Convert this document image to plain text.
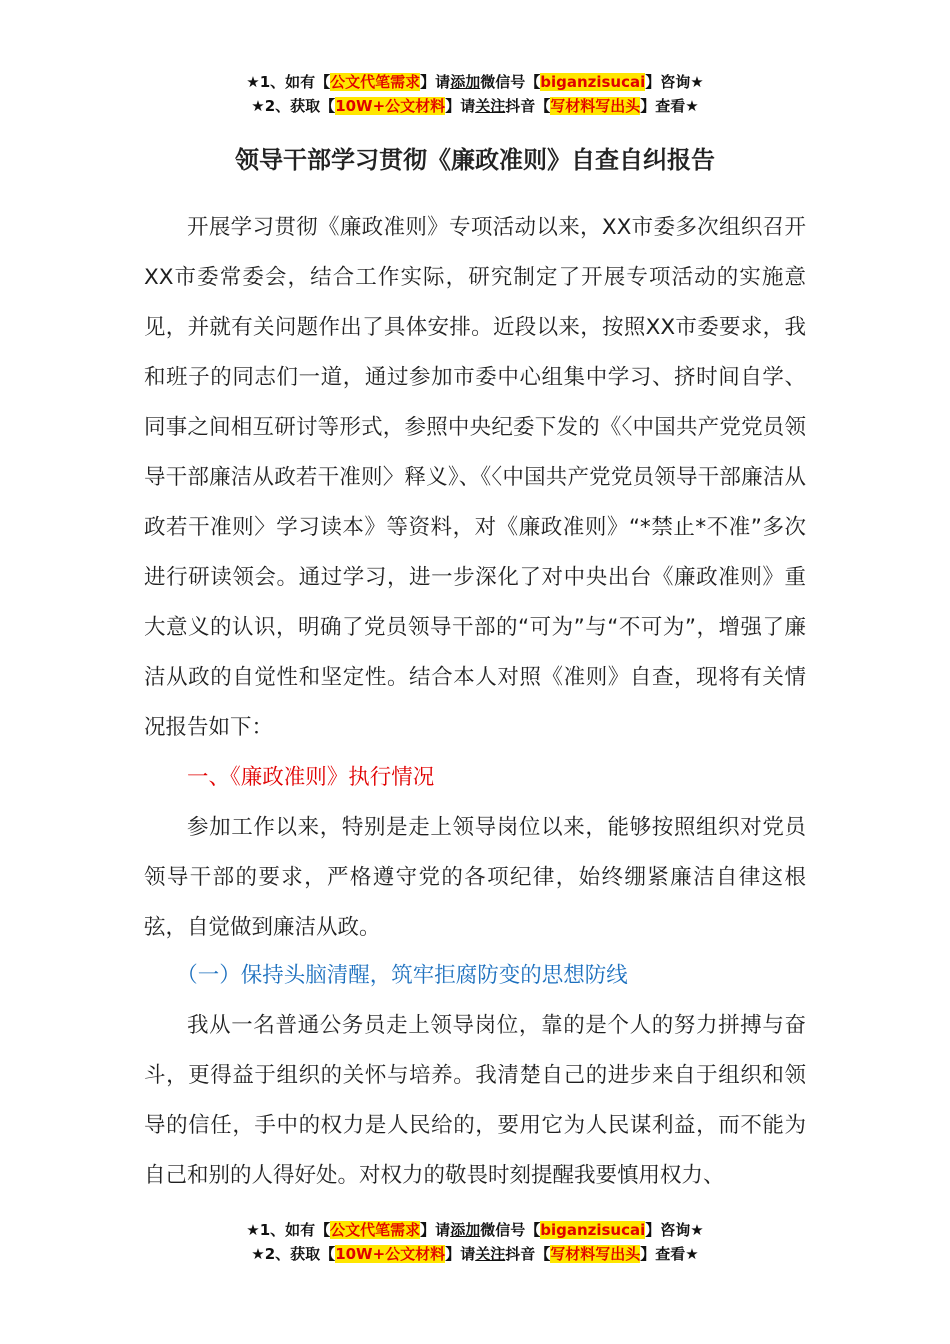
★1、如有【公文代笔需求】请添加微信号【biganzisucai】咨询★
★2、获取【10W+公文材料】请关注抖音【写材料写出头】查看★
领导干部学习贯彻《廉政准则》自查自纠报告

开展学习贯彻《廉政准则》专项活动以来，XX市委多次组织召开XX市委常委会，结合工作实际，研究制定了开展专项活动的实施意见，并就有关问题作出了具体安排。近段以来，按照XX市委要求，我和班子的同志们一道，通过参加市委中心组集中学习、挤时间自学、同事之间相互研讨等形式，参照中央纪委下发的《〈中国共产党党员领导干部廉洁从政若干准则〉释义》、《〈中国共产党党员领导干部廉洁从政若干准则〉学习读本》等资料，对《廉政准则》“*禁止*不准”多次进行研读领会。通过学习，进一步深化了对中央出台《廉政准则》重大意义的认识，明确了党员领导干部的“可为”与“不可为”，增强了廉洁从政的自觉性和坚定性。结合本人对照《准则》自查，现将有关情况报告如下：

一、《廉政准则》执行情况

参加工作以来，特别是走上领导岗位以来，能够按照组织对党员领导干部的要求，严格遵守党的各项纪律，始终绷紧廉洁自律这根弦，自觉做到廉洁从政。

（一）保持头脑清醒，筑牢拒腐防变的思想防线

我从一名普通公务员走上领导岗位，靠的是个人的努力拼搏与奋斗，更得益于组织的关怀与培养。我清楚自己的进步来自于组织和领导的信任，手中的权力是人民给的，要用它为人民谋利益，而不能为自己和别的人得好处。对权力的敬畏时刻提醒我要慎用权力、

★1、如有【公文代笔需求】请添加微信号【biganzisucai】咨询★
★2、获取【10W+公文材料】请关注抖音【写材料写出头】查看★
